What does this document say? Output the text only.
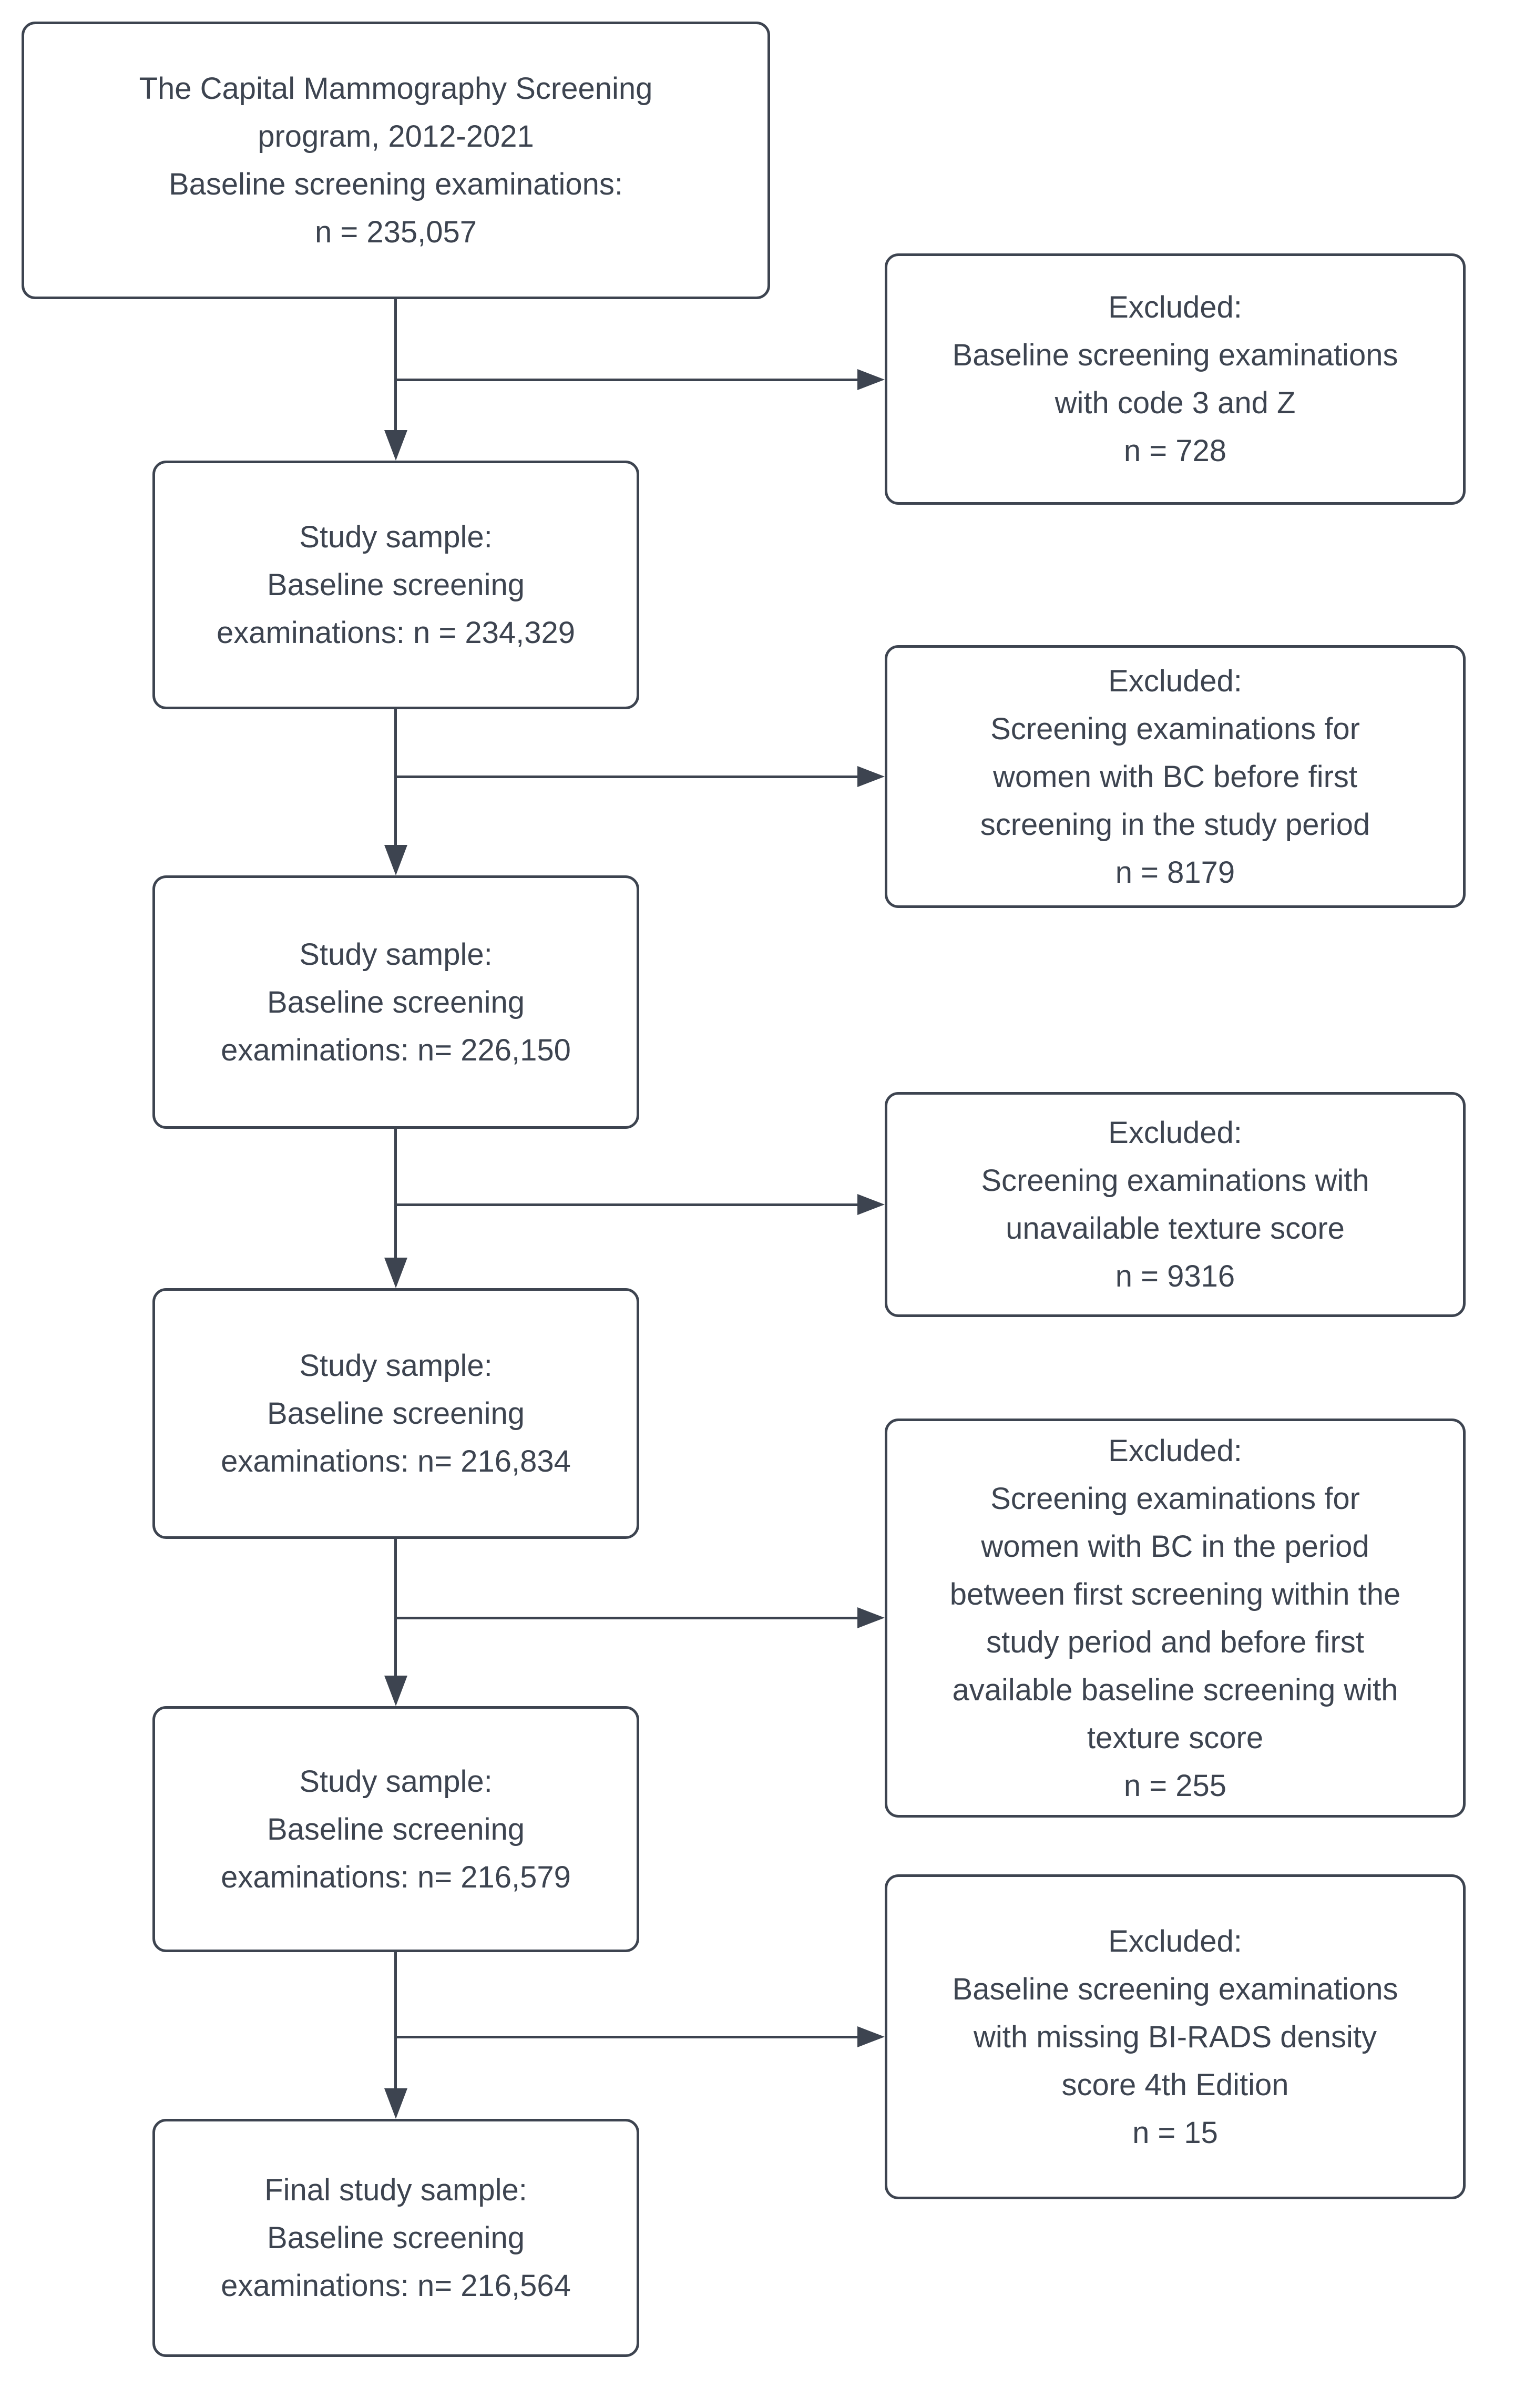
The Capital Mammography Screening
program, 2012-2021
Baseline screening examinations:
n = 235,057
Study sample:
Baseline screening
examinations: n = 234,329
Study sample:
Baseline screening
examinations: n= 226,150
Study sample:
Baseline screening
examinations: n= 216,834
Study sample:
Baseline screening
examinations: n= 216,579
Final study sample:
Baseline screening
examinations: n= 216,564
Excluded:
Baseline screening examinations
with code 3 and Z
n = 728
Excluded:
Screening examinations for
women with BC before first
screening in the study period
n = 8179
Excluded:
Screening examinations with
unavailable texture score
n = 9316
Excluded:
Screening examinations for
women with BC in the period
between first screening within the
study period and before first
available baseline screening with
texture score
n = 255
Excluded:
Baseline screening examinations
with missing BI-RADS density
score 4th Edition
n = 15
